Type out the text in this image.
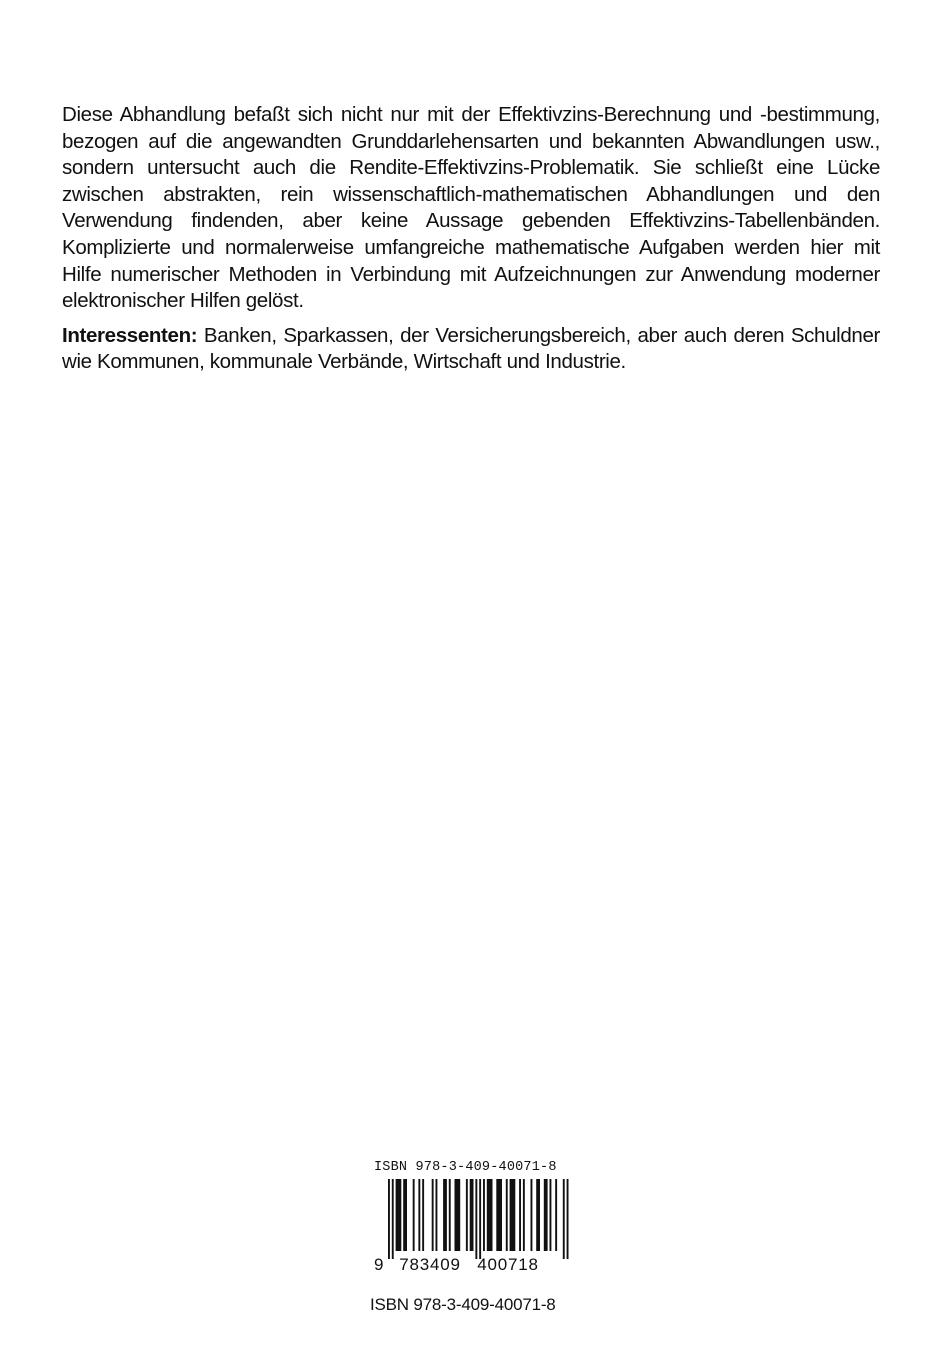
Diese Abhandlung befaßt sich nicht nur mit der Effektivzins-Berechnung und -bestimmung, bezogen auf die angewandten Grunddarlehensarten und bekannten Abwandlungen usw., sondern untersucht auch die Rendite-Effektivzins-Problematik. Sie schließt eine Lücke zwischen abstrakten, rein wissenschaftlich-mathematischen Abhandlungen und den Verwendung findenden, aber keine Aussage gebenden Effektivzins-Tabellenbänden. Komplizierte und normalerweise umfangreiche mathematische Aufgaben werden hier mit Hilfe numerischer Methoden in Verbindung mit Aufzeichnungen zur Anwendung moderner elektronischer Hilfen gelöst.

Interessenten: Banken, Sparkassen, der Versicherungsbereich, aber auch deren Schuldner wie Kommunen, kommunale Verbände, Wirtschaft und Industrie.

ISBN 978-3-409-40071-8
9 783409 400718
ISBN 978-3-409-40071-8
